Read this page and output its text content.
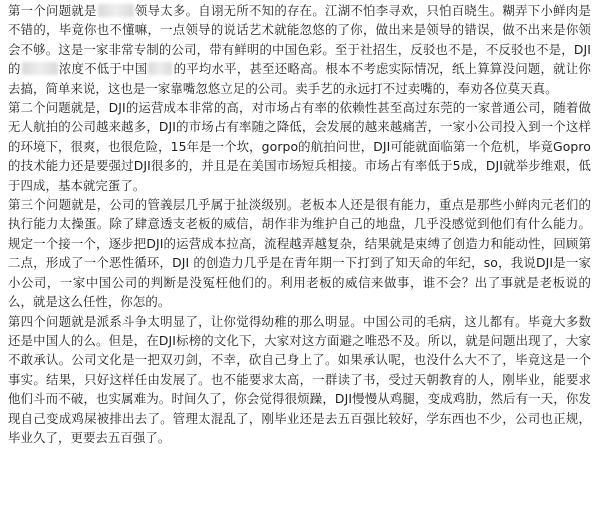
第一个问题就是	领导太多。自诩无所不知的存在。江湖不怕李寻欢，只怕百晓生。糊弄下小鲜肉是不错的，毕竟你也不懂嘛，一点领导的说话艺术就能忽悠的了你，做出来是领导的错误，做不出来是你领会不够。这是一家非常专制的公司，带有鲜明的中国色彩。至于社招生，反驳也不是，不反驳也不是，DJI的	浓度不低于中国 的平均水平，甚至还略高。根本不考虑实际情况，纸上算算没问题，就让你去搞，简单来说，这也是一家靠嘴忽悠立足的公司。卖手艺的永远打不过卖嘴的，奉劝各位莫天真。

第二个问题就是，DJI的运营成本非常的高，对市场占有率的依赖性甚至高过东莞的一家普通公司，随着做无人航拍的公司越来越多，DJI的市场占有率随之降低，会发展的越来越痛苦，一家小公司投入到一个这样的环境下，很爽，也很危险，15年是一个坎，gorpo的航拍问世，DJI可能就面临第一个危机，毕竟Gopro的技术能力还是要强过DJI很多的，并且是在美国市场短兵相接。市场占有率低于5成，DJI就举步维艰，低于四成，基本就完蛋了。

第三个问题就是，公司的管義层几乎属于扯淡级别。老板本人还是很有能力，重点是那些小鲜肉元老们的执行能力太操蛋。除了肆意透支老板的威信，胡作非为维护自己的地盘，几乎没感觉到他们有什么能力。规定一个接一个，逐步把DJI的运营成本拉高，流程越弄越复杂，结果就是束缚了创造力和能动性，回顾第二点，形成了一个恶性循环，DJI 的创造力几乎是在青年期一下打到了知天命的年纪，so，我说DJI是一家小公司，一家中国公司的判断是没冤枉他们的。利用老板的威信来做事，谁不会？出了事就是老板说的么，就是这么任性，你怎的。

第四个问题就是派系斗争太明显了，让你觉得幼稚的那么明显。中国公司的毛病，这儿都有。毕竟大多数还是中国人的么。但是，在DJI标榜的文化下，大家对这方面避之唯恐不及。所以，就是问题出现了，大家不敢承认。公司文化是一把双刃剑，不幸，砍自己身上了。如果承认呢，也没什么大不了，毕竟这是一个事实。结果，只好这样任由发展了。也不能要求太高，一群读了书，受过天朝教育的人，刚毕业，能要求他们斗而不破，也实属难为。时间久了，你会觉得很烦躁，DJI慢慢从鸡腿，变成鸡肋，然后有一天，你发现自己变成鸡屎被排出去了。管理太混乱了，刚毕业还是去五百强比较好，学东西也不少，公司也正规，毕业久了，更要去五百强了。
